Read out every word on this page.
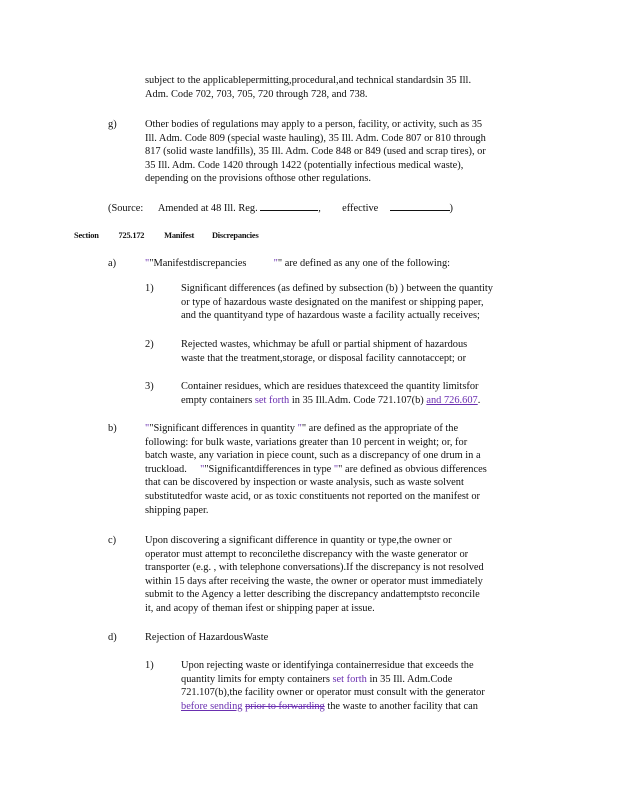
subject to the applicablepermitting,procedural,and technical standardsin 35 Ill.
Adm. Code 702, 703, 705, 720 through 728, and 738.
g)	Other bodies of regulations may apply to a person, facility, or activity, such as 35
Ill. Adm. Code 809 (special waste hauling), 35 Ill. Adm. Code 807 or 810 through
817 (solid waste landfills), 35 Ill. Adm. Code 848 or 849 (used and scrap tires), or
35 Ill. Adm. Code 1420 through 1422 (potentially infectious medical waste),
depending on the provisions ofthose other regulations.
(Source: Amended at 48 Ill. Reg.	, effective	)
Section 725.172 Manifest Discrepancies
a)	""Manifestdiscrepancies	"" are defined as any one of the following:
1)	Significant differences (as defined by subsection (b) ) between the quantity
or type of hazardous waste designated on the manifest or shipping paper,
and the quantityand type of hazardous waste a facility actually receives;
2)	Rejected wastes, whichmay be afull or partial shipment of hazardous
waste that the treatment,storage, or disposal facility cannotaccept; or
3)	Container residues, which are residues thatexceed the quantity limitsfor
empty containers set forth in 35 Ill.Adm. Code 721.107(b) and 726.607.
b)	""Significant differences in quantity "" are defined as the appropriate of the
following: for bulk waste, variations greater than 10 percent in weight; or, for
batch waste, any variation in piece count, such as a discrepancy of one drum in a
truckload. ""Significantdifferences in type "" are defined as obvious differences
that can be discovered by inspection or waste analysis, such as waste solvent
substitutedfor waste acid, or as toxic constituents not reported on the manifest or
shipping paper.
c)	Upon discovering a significant difference in quantity or type,the owner or
operator must attempt to reconcilethe discrepancy with the waste generator or
transporter (e.g. , with telephone conversations).If the discrepancy is not resolved
within 15 days after receiving the waste, the owner or operator must immediately
submit to the Agency a letter describing the discrepancy andattemptsto reconcile
it, and acopy of theman ifest or shipping paper at issue.
d)	Rejection of HazardousWaste
1)	Upon rejecting waste or identifyinga containerresidue that exceeds the
quantity limits for empty containers set forth in 35 Ill. Adm.Code
721.107(b),the facility owner or operator must consult with the generator
before sending prior to forwarding the waste to another facility that can
